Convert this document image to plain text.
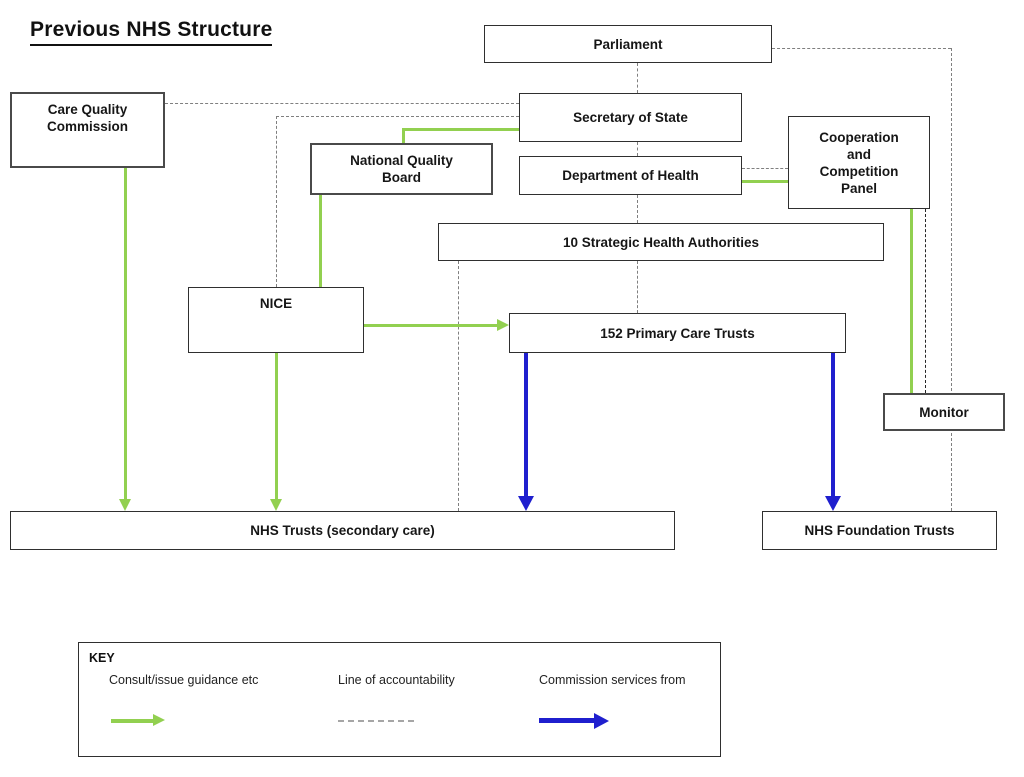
Previous NHS Structure
Parliament
Care Quality Commission
Secretary of State
National Quality Board	Department of Health
Cooperation and Competition Panel
10 Strategic Health Authorities
NICE
152 Primary Care Trusts
Monitor
NHS Trusts (secondary care)	NHS Foundation Trusts
KEY
Consult/issue guidance etc	Line of accountability	Commission services from
